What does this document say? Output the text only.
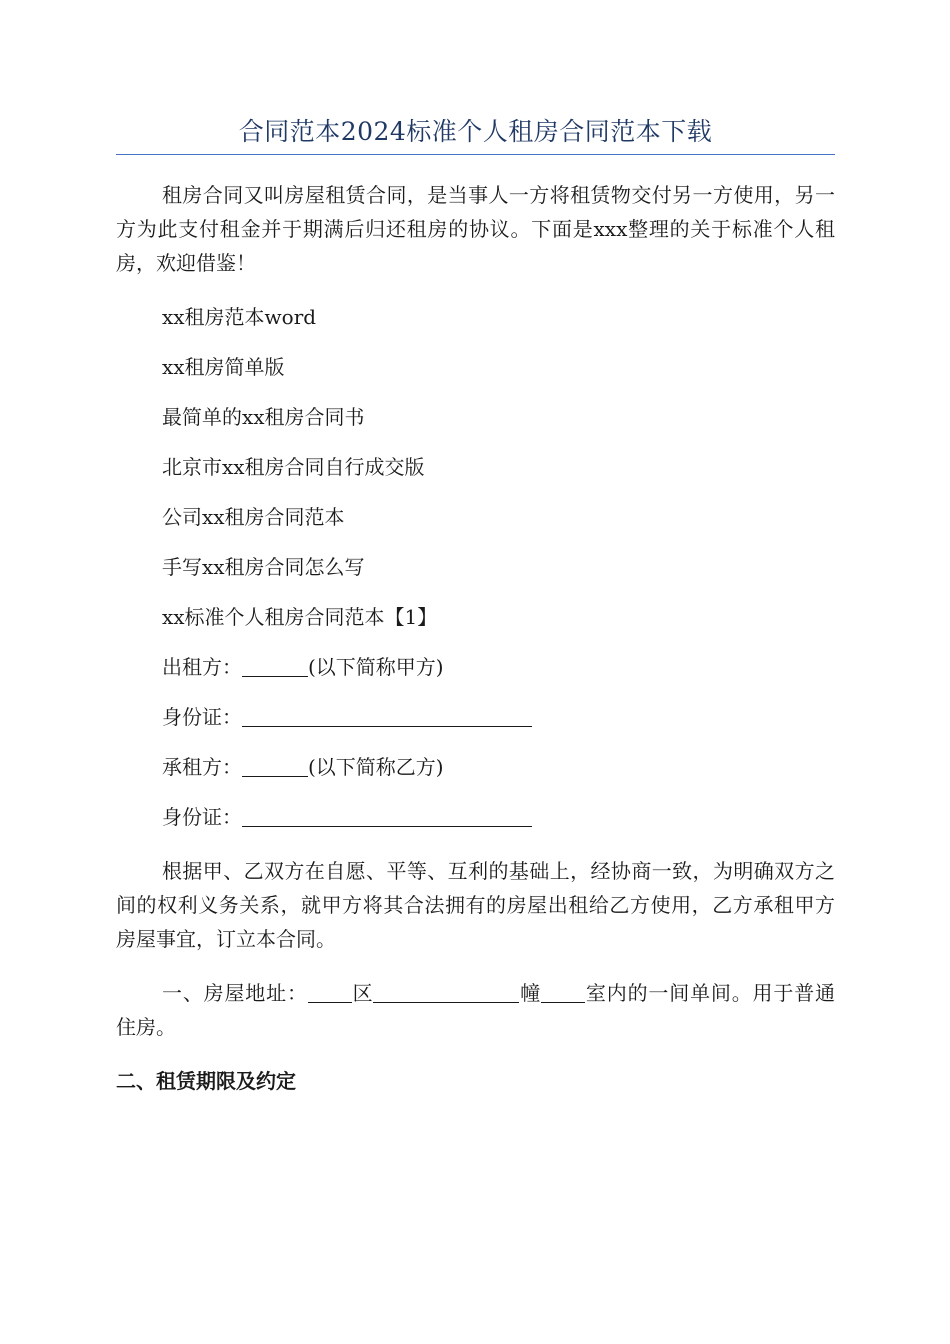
合同范本2024标准个人租房合同范本下载

租房合同又叫房屋租赁合同，是当事人一方将租赁物交付另一方使用，另一方为此支付租金并于期满后归还租房的协议。下面是xxx整理的关于标准个人租房，欢迎借鉴！

xx租房范本word

xx租房简单版

最简单的xx租房合同书

北京市xx租房合同自行成交版

公司xx租房合同范本

手写xx租房合同怎么写

xx标准个人租房合同范本【1】

出租方：	(以下简称甲方)

身份证：

承租方：	(以下简称乙方)

身份证：

根据甲、乙双方在自愿、平等、互利的基础上，经协商一致，为明确双方之间的权利义务关系，就甲方将其合法拥有的房屋出租给乙方使用，乙方承租甲方房屋事宜，订立本合同。

一、房屋地址： 区	幢 室内的一间单间。用于普通住房。

二、租赁期限及约定
